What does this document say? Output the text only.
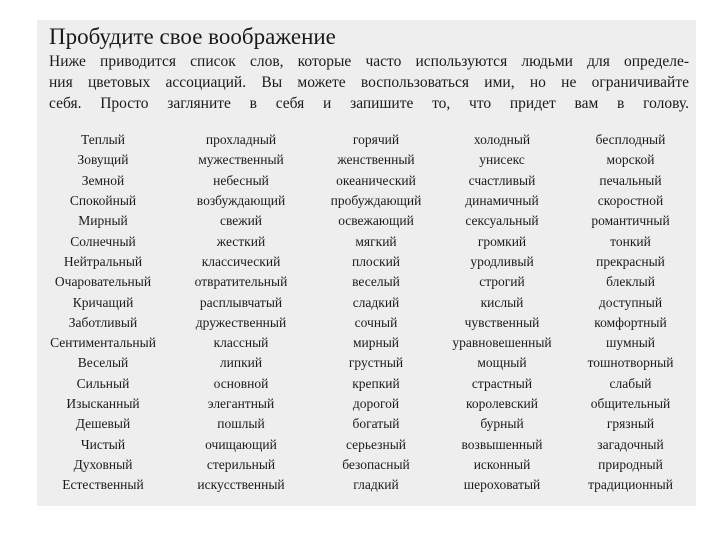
Пробудите свое воображение
Ниже приводится список слов, которые часто используются людьми для определе-
ния цветовых ассоциаций. Вы можете воспользоваться ими, но не ограничивайте
себя. Просто загляните в себя и запишите то, что придет вам в голову.
Теплый	прохладный	горячий	холодный	бесплодный
Зовущий	мужественный	женственный	унисекс	морской
Земной	небесный	океанический	счастливый	печальный
Спокойный	возбуждающий	пробуждающий	динамичный	скоростной
Мирный	свежий	освежающий	сексуальный	романтичный
Солнечный	жесткий	мягкий	громкий	тонкий
Нейтральный	классический	плоский	уродливый	прекрасный
Очаровательный	отвратительный	веселый	строгий	блеклый
Кричащий	расплывчатый	сладкий	кислый	доступный
Заботливый	дружественный	сочный	чувственный	комфортный
Сентиментальный	классный	мирный	уравновешенный	шумный
Веселый	липкий	грустный	мощный	тошнотворный
Сильный	основной	крепкий	страстный	слабый
Изысканный	элегантный	дорогой	королевский	общительный
Дешевый	пошлый	богатый	бурный	грязный
Чистый	очищающий	серьезный	возвышенный	загадочный
Духовный	стерильный	безопасный	исконный	природный
Естественный	искусственный	гладкий	шероховатый	традиционный
